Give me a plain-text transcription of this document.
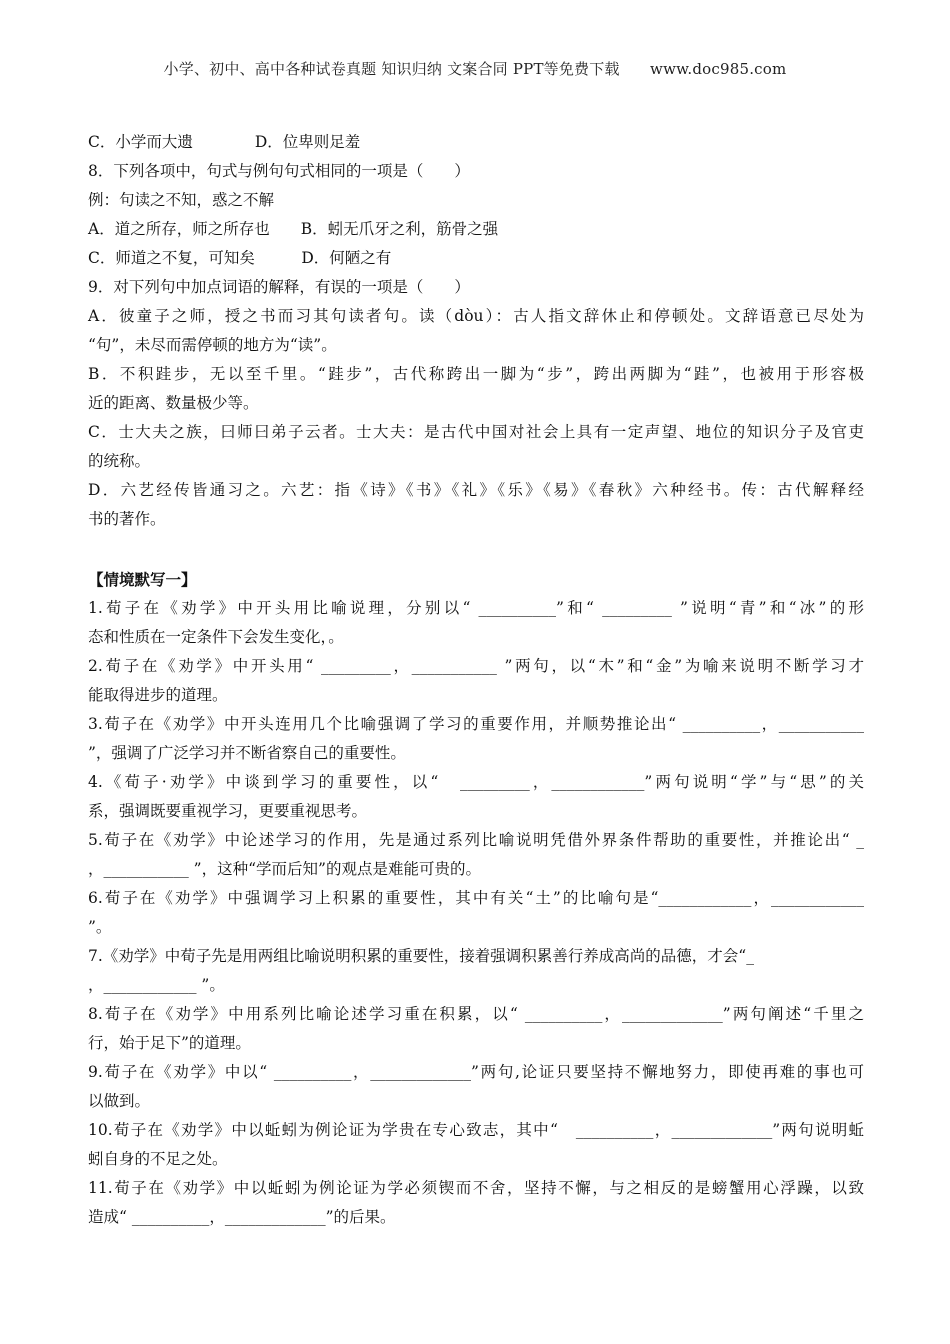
小学、初中、高中各种试卷真题 知识归纳 文案合同 PPT等免费下载　　www.doc985.com
C．小学而大遗　　　　D．位卑则足羞
8．下列各项中，句式与例句句式相同的一项是（　　）
例：句读之不知，惑之不解
A．道之所存，师之所存也　　B．蚓无爪牙之利，筋骨之强
C．师道之不复，可知矣　　　D．何陋之有
9．对下列句中加点词语的解释，有误的一项是（　　）
A．彼童子之师，授之书而习其句读者句。读（dòu）：古人指文辞休止和停顿处。文辞语意已尽处为
“句”，未尽而需停顿的地方为“读”。
B．不积跬步，无以至千里。“跬步”，古代称跨出一脚为“步”，跨出两脚为“跬”，也被用于形容极
近的距离、数量极少等。
C．士大夫之族，曰师曰弟子云者。士大夫：是古代中国对社会上具有一定声望、地位的知识分子及官吏
的统称。
D．六艺经传皆通习之。六艺：指《诗》《书》《礼》《乐》《易》《春秋》六种经书。传：古代解释经
书的著作。
【情境默写一】
1.荀子在《劝学》中开头用比喻说理，分别以“ __________”和“ _________ ”说明“青”和“冰”的形
态和性质在一定条件下会发生变化，。
2.荀子在《劝学》中开头用“ _________，___________ ”两句，以“木”和“金”为喻来说明不断学习才
能取得进步的道理。
3.荀子在《劝学》中开头连用几个比喻强调了学习的重要作用，并顺势推论出“ __________，___________
”，强调了广泛学习并不断省察自己的重要性。
4.《荀子·劝学》中谈到学习的重要性，以“　_________，____________”两句说明“学”与“思”的关
系，强调既要重视学习，更要重视思考。
5.荀子在《劝学》中论述学习的作用，先是通过系列比喻说明凭借外界条件帮助的重要性，并推论出“ _
，___________ ”，这种“学而后知”的观点是难能可贵的。
6.荀子在《劝学》中强调学习上积累的重要性，其中有关“土”的比喻句是“____________，____________
”。
7.《劝学》中荀子先是用两组比喻说明积累的重要性，接着强调积累善行养成高尚的品德，才会“_
，____________ ”。
8.荀子在《劝学》中用系列比喻论述学习重在积累，以“ __________，_____________”两句阐述“千里之
行，始于足下”的道理。
9.荀子在《劝学》中以“ __________，_____________”两句,论证只要坚持不懈地努力，即使再难的事也可
以做到。
10.荀子在《劝学》中以蚯蚓为例论证为学贵在专心致志，其中“　__________，_____________”两句说明蚯
蚓自身的不足之处。
11.荀子在《劝学》中以蚯蚓为例论证为学必须锲而不舍，坚持不懈，与之相反的是螃蟹用心浮躁，以致
造成“ __________，_____________”的后果。
